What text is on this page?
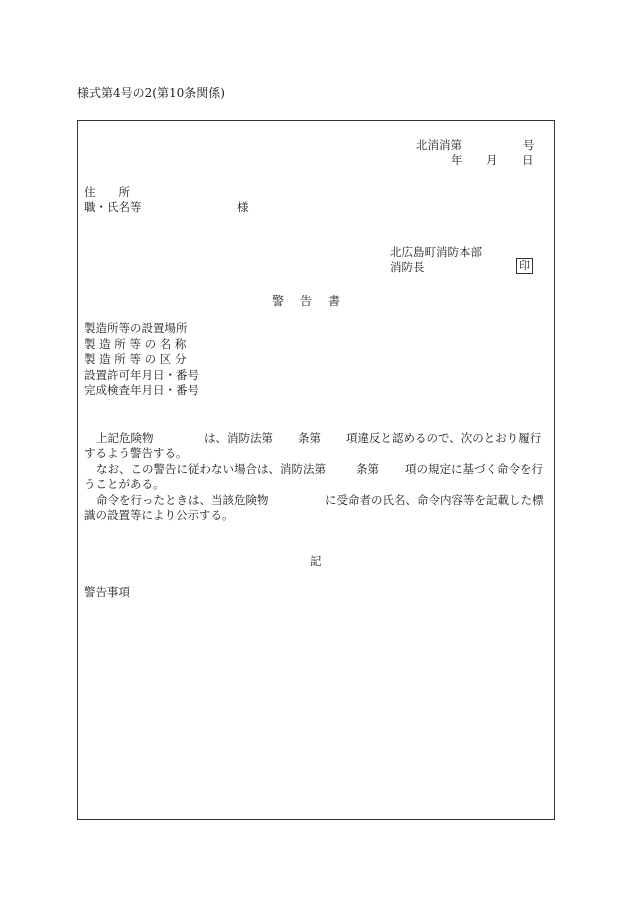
様式第4号の2(第10条関係)
北消消第	号
年 月 日
住　　所
職・氏名等	様
北広島町消防本部
消防長	印
警　告　書
製造所等の設置場所
製 造 所 等 の 名 称
製 造 所 等 の 区 分
設置許可年月日・番号
完成検査年月日・番号
上記危険物	は、消防法第 条第 項違反と認めるので、次のとおり履行
するよう警告する。
なお、この警告に従わない場合は、消防法第	条第 項の規定に基づく命令を行
うことがある。
命令を行ったときは、当該危険物	に受命者の氏名、命令内容等を記載した標
識の設置等により公示する。
記
警告事項
